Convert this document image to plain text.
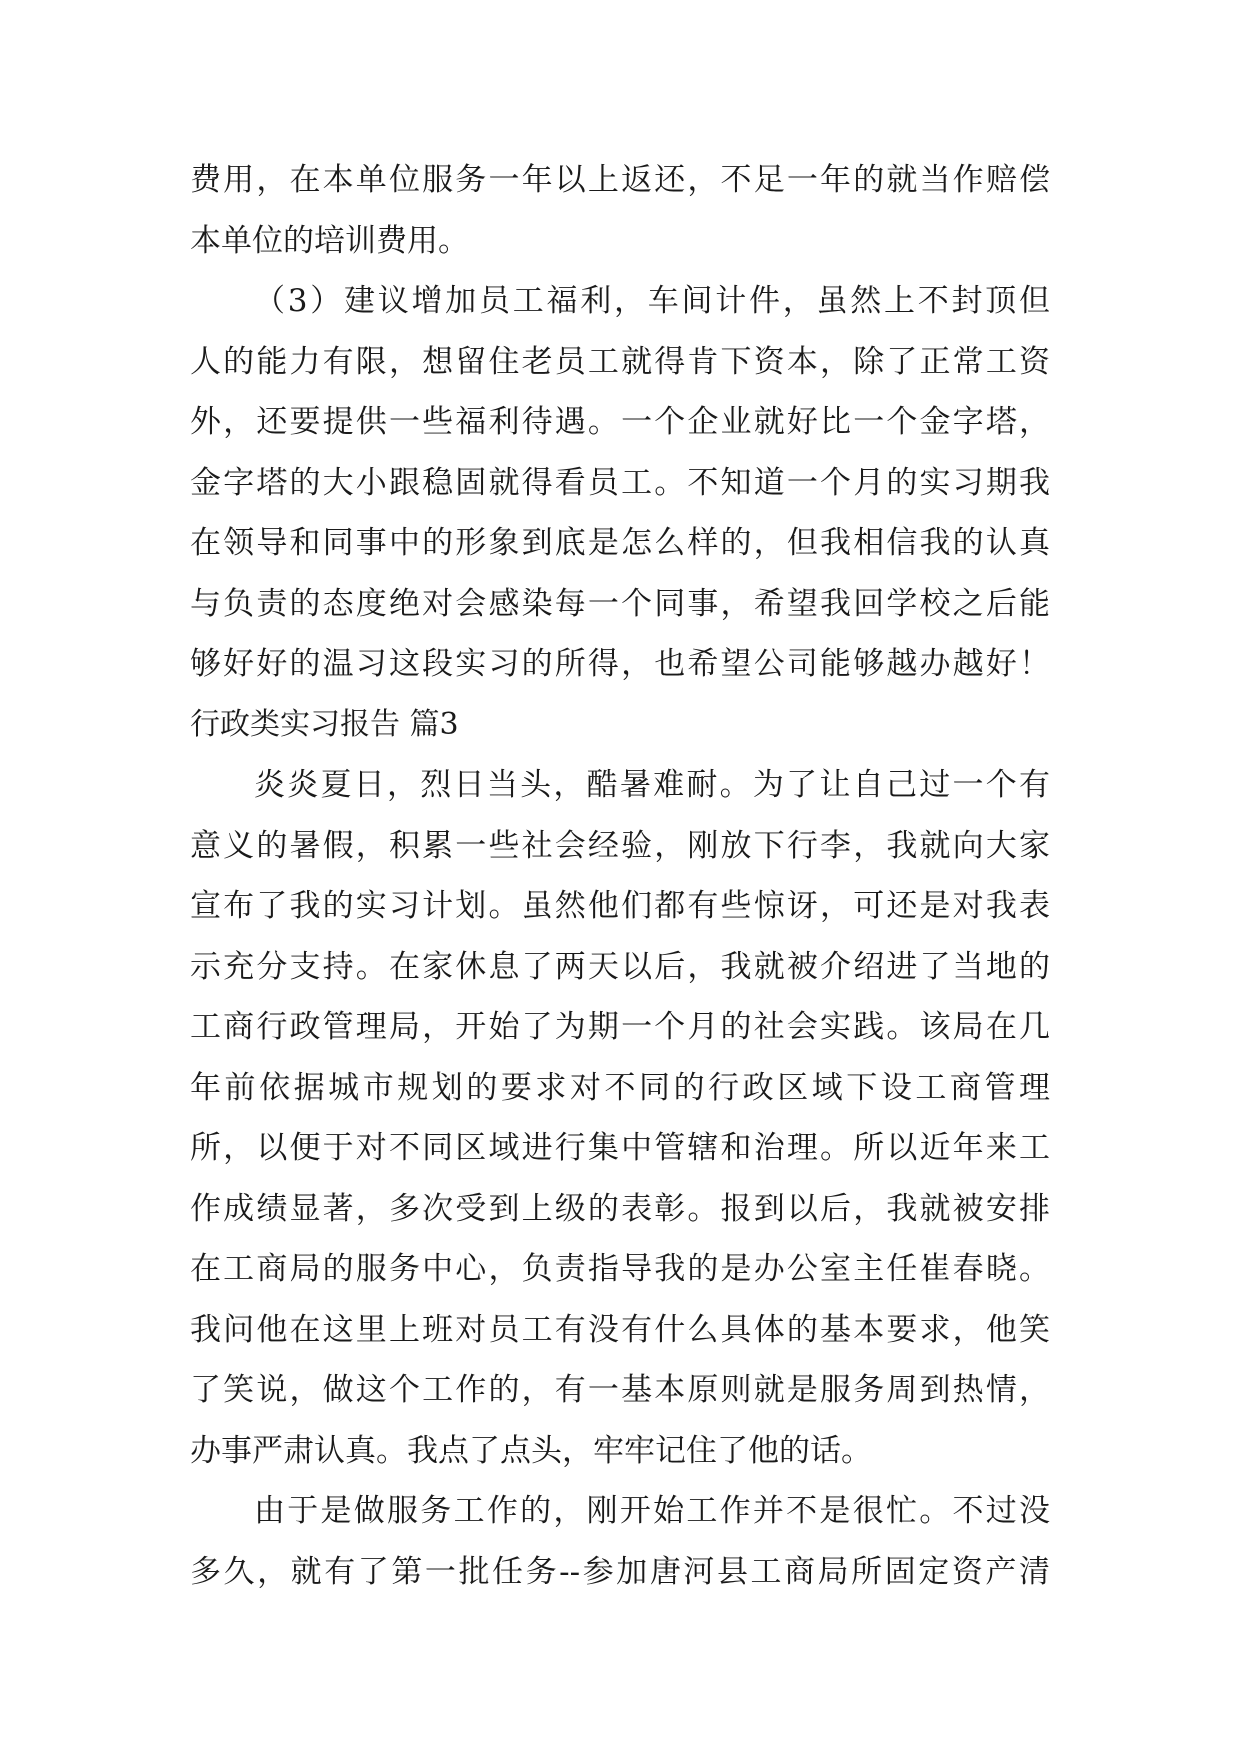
费用，在本单位服务一年以上返还，不足一年的就当作赔偿
本单位的培训费用。
（3）建议增加员工福利，车间计件，虽然上不封顶但
人的能力有限，想留住老员工就得肯下资本，除了正常工资
外，还要提供一些福利待遇。一个企业就好比一个金字塔，
金字塔的大小跟稳固就得看员工。不知道一个月的实习期我
在领导和同事中的形象到底是怎么样的，但我相信我的认真
与负责的态度绝对会感染每一个同事，希望我回学校之后能
够好好的温习这段实习的所得，也希望公司能够越办越好！
行政类实习报告 篇3
炎炎夏日，烈日当头，酷暑难耐。为了让自己过一个有
意义的暑假，积累一些社会经验，刚放下行李，我就向大家
宣布了我的实习计划。虽然他们都有些惊讶，可还是对我表
示充分支持。在家休息了两天以后，我就被介绍进了当地的
工商行政管理局，开始了为期一个月的社会实践。该局在几
年前依据城市规划的要求对不同的行政区域下设工商管理
所，以便于对不同区域进行集中管辖和治理。所以近年来工
作成绩显著，多次受到上级的表彰。报到以后，我就被安排
在工商局的服务中心，负责指导我的是办公室主任崔春晓。
我问他在这里上班对员工有没有什么具体的基本要求，他笑
了笑说，做这个工作的，有一基本原则就是服务周到热情，
办事严肃认真。我点了点头，牢牢记住了他的话。
由于是做服务工作的，刚开始工作并不是很忙。不过没
多久，就有了第一批任务--参加唐河县工商局所固定资产清
